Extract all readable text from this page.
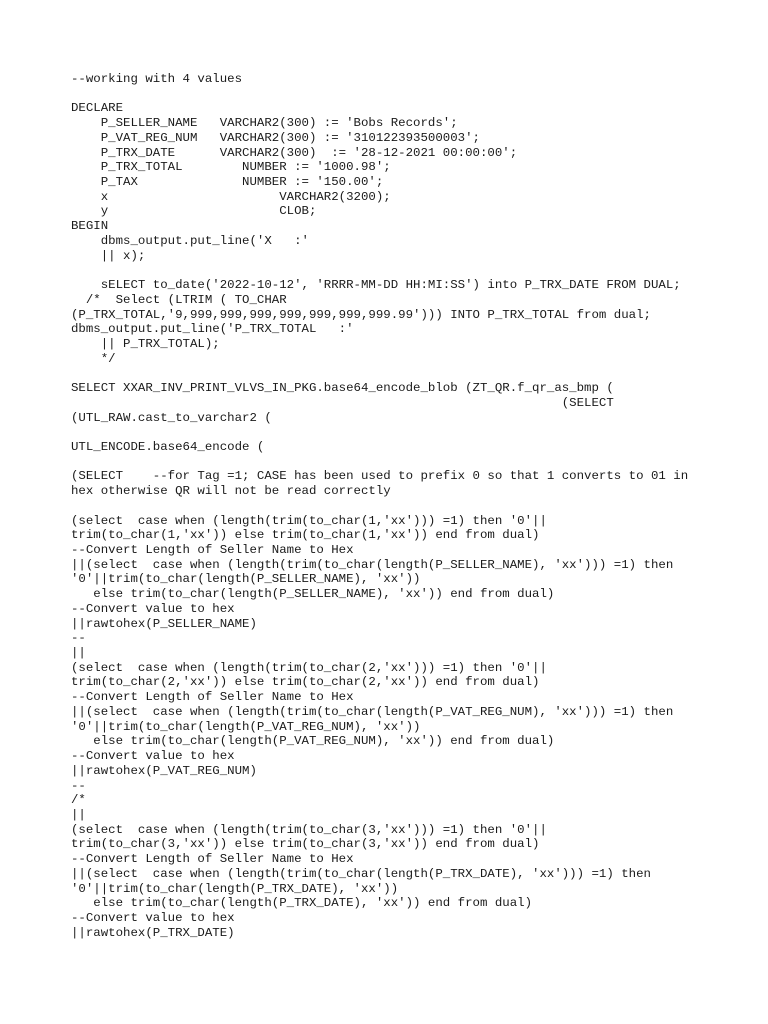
--working with 4 values
DECLARE
P_SELLER_NAME   VARCHAR2(300) := 'Bobs Records';
P_VAT_REG_NUM   VARCHAR2(300) := '310122393500003';
P_TRX_DATE      VARCHAR2(300)  := '28-12-2021 00:00:00';
P_TRX_TOTAL        NUMBER := '1000.98';
P_TAX              NUMBER := '150.00';
x                       VARCHAR2(3200);
y                       CLOB;
BEGIN
dbms_output.put_line('X   :'
|| x);
sELECT to_date('2022-10-12', 'RRRR-MM-DD HH:MI:SS') into P_TRX_DATE FROM DUAL;
/*  Select (LTRIM ( TO_CHAR
(P_TRX_TOTAL,'9,999,999,999,999,999,999,999.99'))) INTO P_TRX_TOTAL from dual;
dbms_output.put_line('P_TRX_TOTAL   :'
|| P_TRX_TOTAL);
*/
SELECT XXAR_INV_PRINT_VLVS_IN_PKG.base64_encode_blob (ZT_QR.f_qr_as_bmp (
(SELECT
(UTL_RAW.cast_to_varchar2 (
UTL_ENCODE.base64_encode (
(SELECT    --for Tag =1; CASE has been used to prefix 0 so that 1 converts to 01 in
hex otherwise QR will not be read correctly
(select  case when (length(trim(to_char(1,'xx'))) =1) then '0'||
trim(to_char(1,'xx')) else trim(to_char(1,'xx')) end from dual)
--Convert Length of Seller Name to Hex
||(select  case when (length(trim(to_char(length(P_SELLER_NAME), 'xx'))) =1) then
'0'||trim(to_char(length(P_SELLER_NAME), 'xx'))
else trim(to_char(length(P_SELLER_NAME), 'xx')) end from dual)
--Convert value to hex
||rawtohex(P_SELLER_NAME)
--
||
(select  case when (length(trim(to_char(2,'xx'))) =1) then '0'||
trim(to_char(2,'xx')) else trim(to_char(2,'xx')) end from dual)
--Convert Length of Seller Name to Hex
||(select  case when (length(trim(to_char(length(P_VAT_REG_NUM), 'xx'))) =1) then
'0'||trim(to_char(length(P_VAT_REG_NUM), 'xx'))
else trim(to_char(length(P_VAT_REG_NUM), 'xx')) end from dual)
--Convert value to hex
||rawtohex(P_VAT_REG_NUM)
--
/*
||
(select  case when (length(trim(to_char(3,'xx'))) =1) then '0'||
trim(to_char(3,'xx')) else trim(to_char(3,'xx')) end from dual)
--Convert Length of Seller Name to Hex
||(select  case when (length(trim(to_char(length(P_TRX_DATE), 'xx'))) =1) then
'0'||trim(to_char(length(P_TRX_DATE), 'xx'))
else trim(to_char(length(P_TRX_DATE), 'xx')) end from dual)
--Convert value to hex
||rawtohex(P_TRX_DATE)
